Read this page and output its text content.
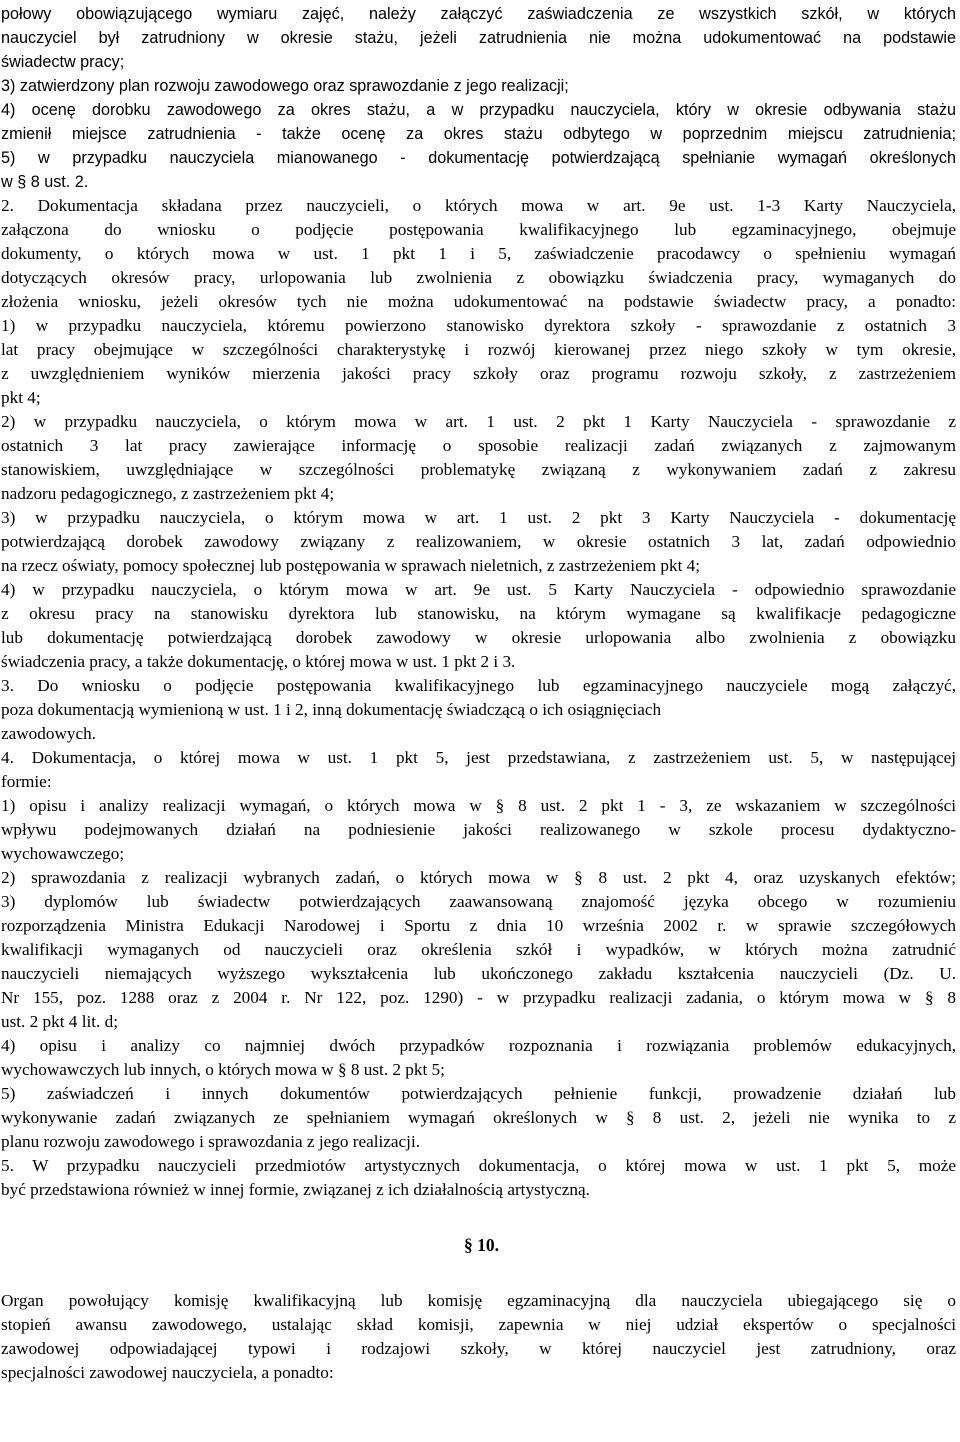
połowy obowiązującego wymiaru zajęć, należy załączyć zaświadczenia ze wszystkich szkół, w których
nauczyciel był zatrudniony w okresie stażu, jeżeli zatrudnienia nie można udokumentować na podstawie
świadectw pracy;
3) zatwierdzony plan rozwoju zawodowego oraz sprawozdanie z jego realizacji;
4) ocenę dorobku zawodowego za okres stażu, a w przypadku nauczyciela, który w okresie odbywania stażu
zmienił miejsce zatrudnienia - także ocenę za okres stażu odbytego w poprzednim miejscu zatrudnienia;
5) w przypadku nauczyciela mianowanego - dokumentację potwierdzającą spełnianie wymagań określonych
w § 8 ust. 2.
2. Dokumentacja składana przez nauczycieli, o których mowa w art. 9e ust. 1-3 Karty Nauczyciela,
załączona do wniosku o podjęcie postępowania kwalifikacyjnego lub egzaminacyjnego, obejmuje
dokumenty, o których mowa w ust. 1 pkt 1 i 5, zaświadczenie pracodawcy o spełnieniu wymagań
dotyczących okresów pracy, urlopowania lub zwolnienia z obowiązku świadczenia pracy, wymaganych do
złożenia wniosku, jeżeli okresów tych nie można udokumentować na podstawie świadectw pracy, a ponadto:
1) w przypadku nauczyciela, któremu powierzono stanowisko dyrektora szkoły - sprawozdanie z ostatnich 3
lat pracy obejmujące w szczególności charakterystykę i rozwój kierowanej przez niego szkoły w tym okresie,
z uwzględnieniem wyników mierzenia jakości pracy szkoły oraz programu rozwoju szkoły, z zastrzeżeniem
pkt 4;
2) w przypadku nauczyciela, o którym mowa w art. 1 ust. 2 pkt 1 Karty Nauczyciela - sprawozdanie z
ostatnich 3 lat pracy zawierające informację o sposobie realizacji zadań związanych z zajmowanym
stanowiskiem, uwzględniające w szczególności problematykę związaną z wykonywaniem zadań z zakresu
nadzoru pedagogicznego, z zastrzeżeniem pkt 4;
3) w przypadku nauczyciela, o którym mowa w art. 1 ust. 2 pkt 3 Karty Nauczyciela - dokumentację
potwierdzającą dorobek zawodowy związany z realizowaniem, w okresie ostatnich 3 lat, zadań odpowiednio
na rzecz oświaty, pomocy społecznej lub postępowania w sprawach nieletnich, z zastrzeżeniem pkt 4;
4) w przypadku nauczyciela, o którym mowa w art. 9e ust. 5 Karty Nauczyciela - odpowiednio sprawozdanie
z okresu pracy na stanowisku dyrektora lub stanowisku, na którym wymagane są kwalifikacje pedagogiczne
lub dokumentację potwierdzającą dorobek zawodowy w okresie urlopowania albo zwolnienia z obowiązku
świadczenia pracy, a także dokumentację, o której mowa w ust. 1 pkt 2 i 3.
3. Do wniosku o podjęcie postępowania kwalifikacyjnego lub egzaminacyjnego nauczyciele mogą załączyć,
poza dokumentacją wymienioną w ust. 1 i 2, inną dokumentację świadczącą o ich osiągnięciach
zawodowych.
4. Dokumentacja, o której mowa w ust. 1 pkt 5, jest przedstawiana, z zastrzeżeniem ust. 5, w następującej
formie:
1) opisu i analizy realizacji wymagań, o których mowa w § 8 ust. 2 pkt 1 - 3, ze wskazaniem w szczególności
wpływu podejmowanych działań na podniesienie jakości realizowanego w szkole procesu dydaktyczno-
wychowawczego;
2) sprawozdania z realizacji wybranych zadań, o których mowa w § 8 ust. 2 pkt 4, oraz uzyskanych efektów;
3) dyplomów lub świadectw potwierdzających zaawansowaną znajomość języka obcego w rozumieniu
rozporządzenia Ministra Edukacji Narodowej i Sportu z dnia 10 września 2002 r. w sprawie szczegółowych
kwalifikacji wymaganych od nauczycieli oraz określenia szkół i wypadków, w których można zatrudnić
nauczycieli niemających wyższego wykształcenia lub ukończonego zakładu kształcenia nauczycieli (Dz. U.
Nr 155, poz. 1288 oraz z 2004 r. Nr 122, poz. 1290) - w przypadku realizacji zadania, o którym mowa w § 8
ust. 2 pkt 4 lit. d;
4) opisu i analizy co najmniej dwóch przypadków rozpoznania i rozwiązania problemów edukacyjnych,
wychowawczych lub innych, o których mowa w § 8 ust. 2 pkt 5;
5) zaświadczeń i innych dokumentów potwierdzających pełnienie funkcji, prowadzenie działań lub
wykonywanie zadań związanych ze spełnianiem wymagań określonych w § 8 ust. 2, jeżeli nie wynika to z
planu rozwoju zawodowego i sprawozdania z jego realizacji.
5. W przypadku nauczycieli przedmiotów artystycznych dokumentacja, o której mowa w ust. 1 pkt 5, może
być przedstawiona również w innej formie, związanej z ich działalnością artystyczną.
§ 10.
Organ powołujący komisję kwalifikacyjną lub komisję egzaminacyjną dla nauczyciela ubiegającego się o
stopień awansu zawodowego, ustalając skład komisji, zapewnia w niej udział ekspertów o specjalności
zawodowej odpowiadającej typowi i rodzajowi szkoły, w której nauczyciel jest zatrudniony, oraz
specjalności zawodowej nauczyciela, a ponadto:
